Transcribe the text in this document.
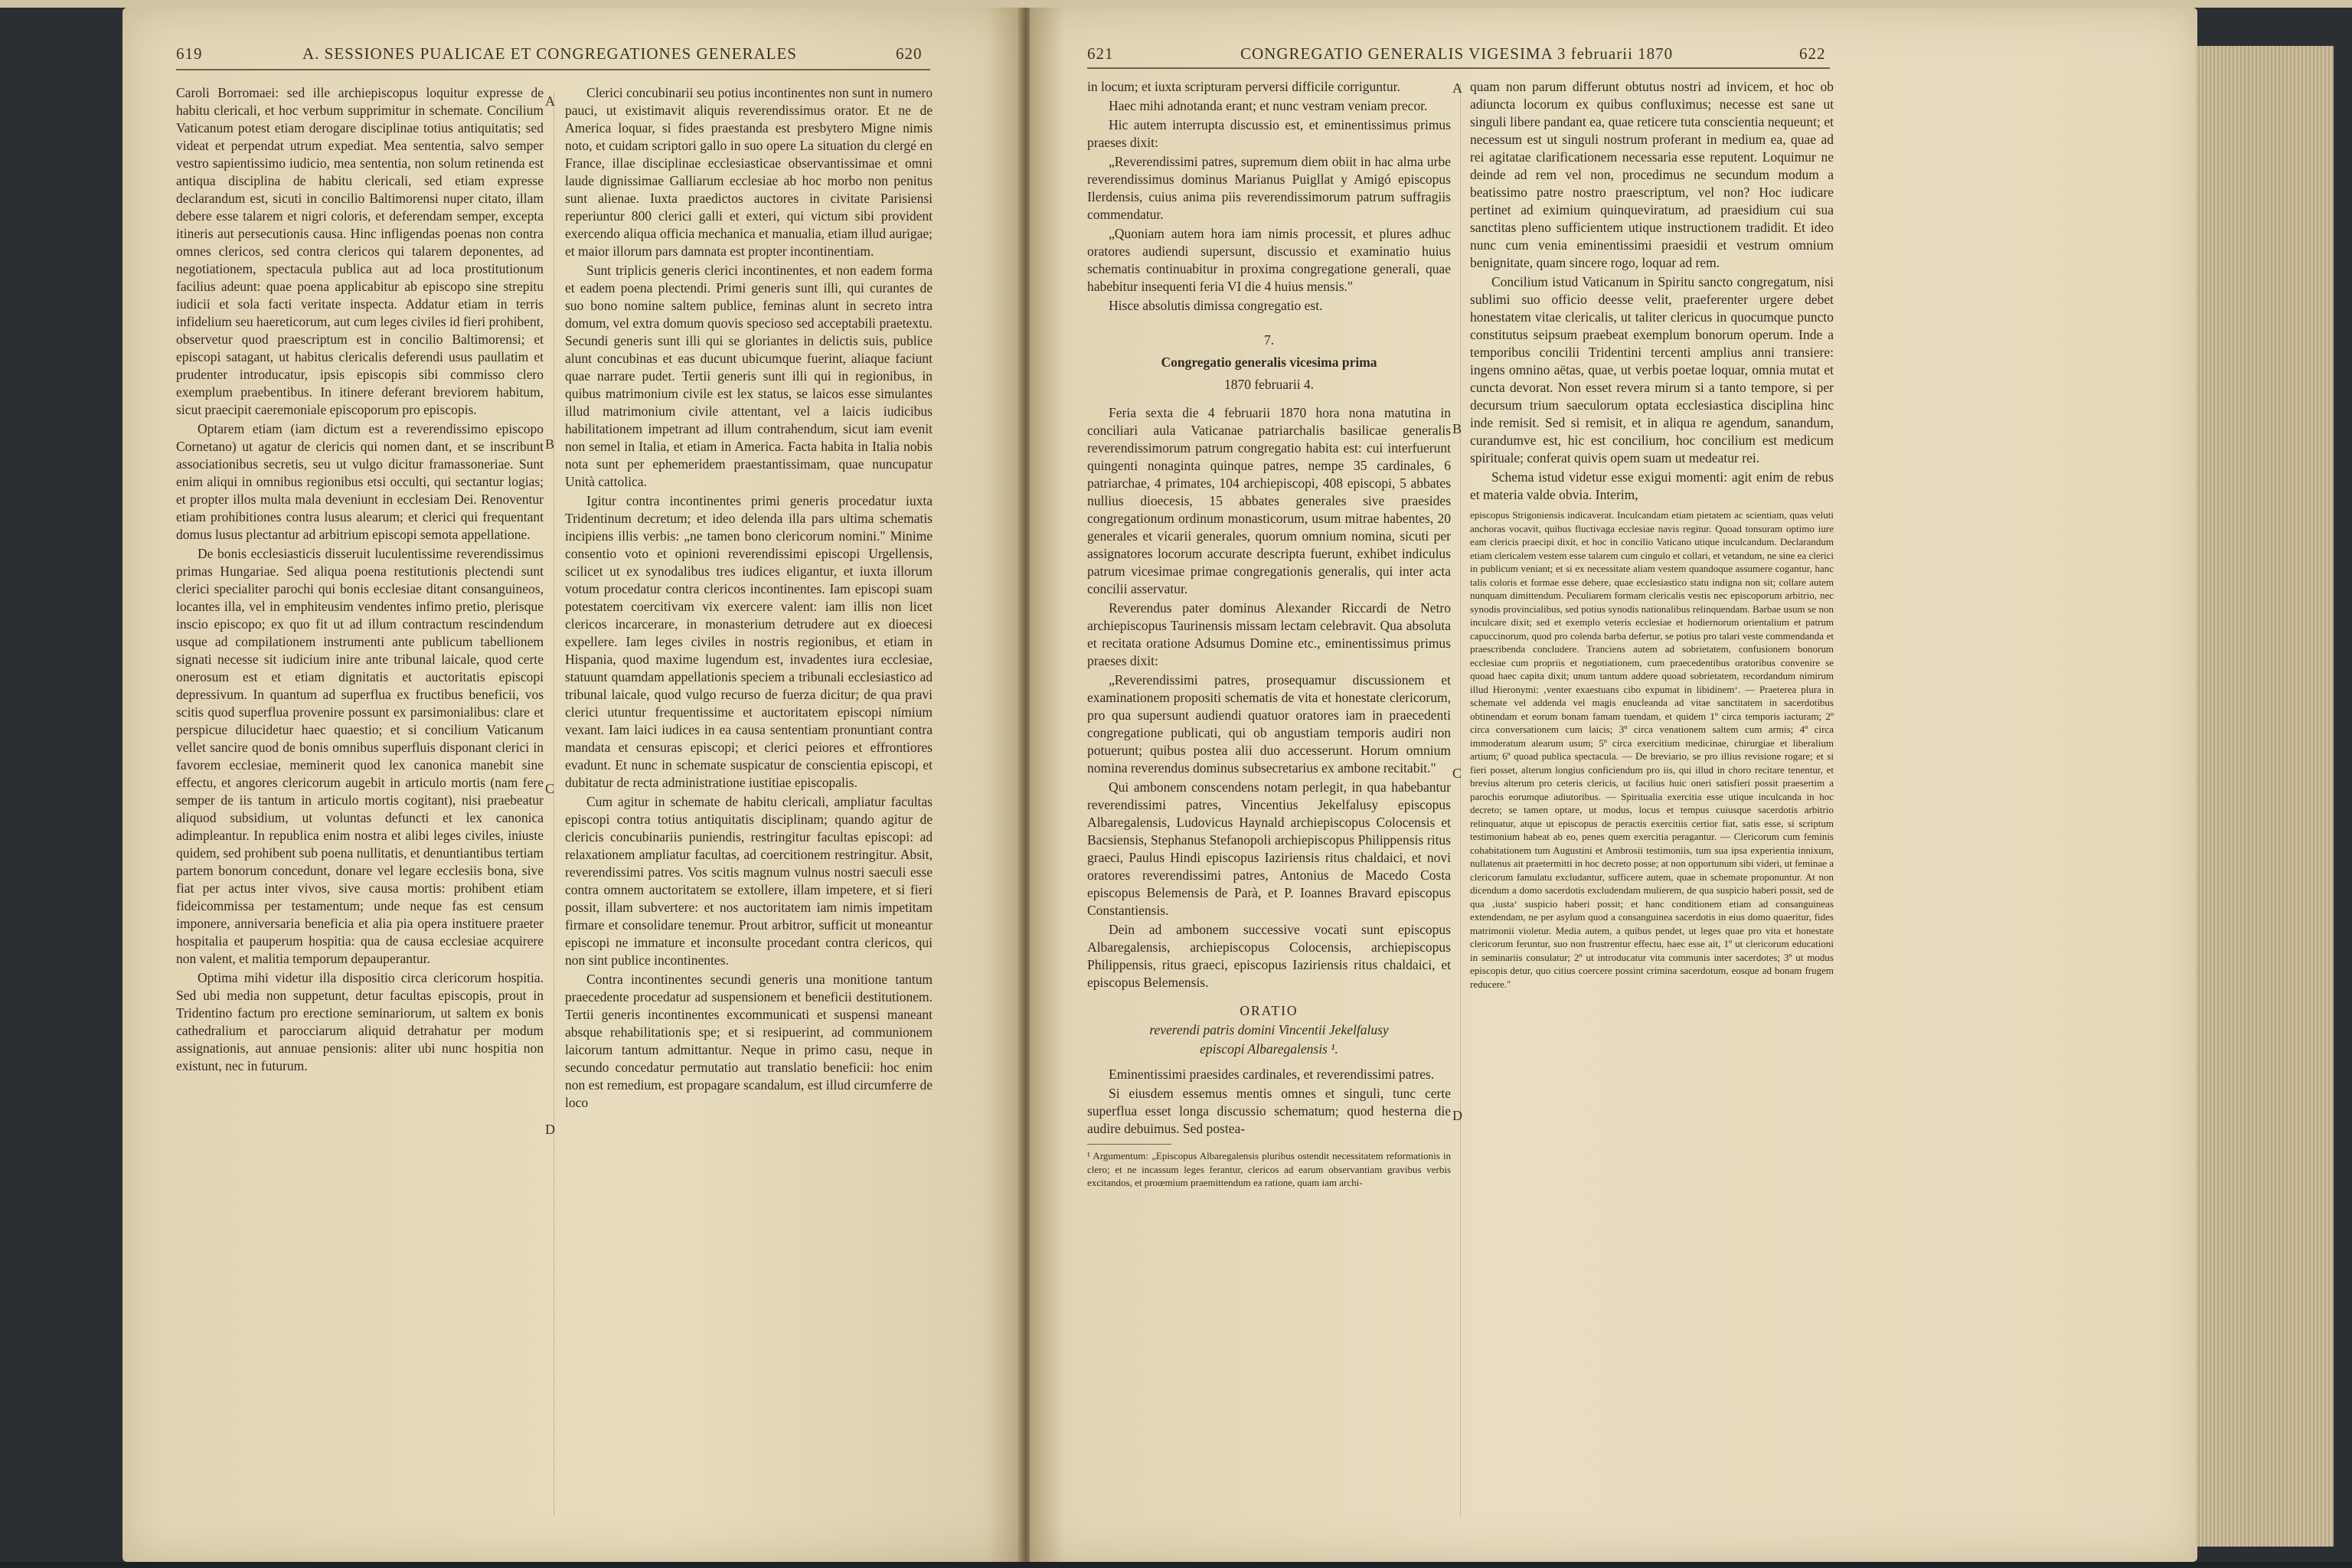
619	A. SESSIONES PUALICAE ET CONGREGATIONES GENERALES	620

Caroli Borromaei: sed ille archiepiscopus loquitur expresse de habitu clericali, et hoc verbum supprimitur in schemate. Concilium Vaticanum potest etiam derogare disciplinae totius antiquitatis; sed videat et perpendat utrum expediat. Mea sententia, salvo semper vestro sapientissimo iudicio, mea sententia, non solum retinenda est antiqua disciplina de habitu clericali, sed etiam expresse declarandum est, sicuti in concilio Baltimorensi nuper citato, illam debere esse talarem et nigri coloris, et deferendam semper, excepta itineris aut persecutionis causa. Hinc infligendas poenas non contra omnes clericos, sed contra clericos qui talarem deponentes, ad negotiationem, spectacula publica aut ad loca prostitutionum facilius adeunt: quae poena applicabitur ab episcopo sine strepitu iudicii et sola facti veritate inspecta. Addatur etiam in terris infidelium seu haereticorum, aut cum leges civiles id fieri prohibent, observetur quod praescriptum est in concilio Baltimorensi; et episcopi satagant, ut habitus clericalis deferendi usus paullatim et prudenter introducatur, ipsis episcopis sibi commisso clero exemplum praebentibus. In itinere deferant breviorem habitum, sicut praecipit caeremoniale episcoporum pro episcopis.

Optarem etiam (iam dictum est a reverendissimo episcopo Cornetano) ut agatur de clericis qui nomen dant, et se inscribunt associationibus secretis, seu ut vulgo dicitur framassoneriae. Sunt enim aliqui in omnibus regionibus etsi occulti, qui sectantur logias; et propter illos multa mala deveniunt in ecclesiam Dei. Renoventur etiam prohibitiones contra lusus alearum; et clerici qui frequentant domus lusus plectantur ad arbitrium episcopi semota appellatione.

De bonis ecclesiasticis disseruit luculentissime reverendissimus primas Hungariae. Sed aliqua poena restitutionis plectendi sunt clerici specialiter parochi qui bonis ecclesiae ditant consanguineos, locantes illa, vel in emphiteusim vendentes infimo pretio, plerisque inscio episcopo; ex quo fit ut ad illum contractum rescindendum usque ad compilationem instrumenti ante publicum tabellionem signati necesse sit iudicium inire ante tribunal laicale, quod certe onerosum est et etiam dignitatis et auctoritatis episcopi depressivum. In quantum ad superflua ex fructibus beneficii, vos scitis quod superflua provenire possunt ex parsimonialibus: clare et perspicue dilucidetur haec quaestio; et si concilium Vaticanum vellet sancire quod de bonis omnibus superfluis disponant clerici in favorem ecclesiae, meminerit quod lex canonica manebit sine effectu, et angores clericorum augebit in articulo mortis (nam fere semper de iis tantum in articulo mortis cogitant), nisi praebeatur aliquod subsidium, ut voluntas defuncti et lex canonica adimpleantur. In republica enim nostra et alibi leges civiles, iniuste quidem, sed prohibent sub poena nullitatis, et denuntiantibus tertiam partem bonorum concedunt, donare vel legare ecclesiis bona, sive fiat per actus inter vivos, sive causa mortis: prohibent etiam fideicommissa per testamentum; unde neque fas est censum imponere, anniversaria beneficia et alia pia opera instituere praeter hospitalia et pauperum hospitia: qua de causa ecclesiae acquirere non valent, et malitia temporum depauperantur.

Optima mihi videtur illa dispositio circa clericorum hospitia. Sed ubi media non suppetunt, detur facultas episcopis, prout in Tridentino factum pro erectione seminariorum, ut saltem ex bonis cathedralium et parocciarum aliquid detrahatur per modum assignationis, aut annuae pensionis: aliter ubi nunc hospitia non existunt, nec in futurum.

Clerici concubinarii seu potius incontinentes non sunt in numero pauci, ut existimavit aliquis reverendissimus orator. Et ne de America loquar, si fides praestanda est presbytero Migne nimis noto, et cuidam scriptori gallo in suo opere La situation du clergé en France, illae disciplinae ecclesiasticae observantissimae et omni laude dignissimae Galliarum ecclesiae ab hoc morbo non penitus sunt alienae. Iuxta praedictos auctores in civitate Parisiensi reperiuntur 800 clerici galli et exteri, qui victum sibi provident exercendo aliqua officia mechanica et manualia, etiam illud aurigae; et maior illorum pars damnata est propter incontinentiam.

Sunt triplicis generis clerici incontinentes, et non eadem forma et eadem poena plectendi. Primi generis sunt illi, qui curantes de suo bono nomine saltem publice, feminas alunt in secreto intra domum, vel extra domum quovis specioso sed acceptabili praetextu. Secundi generis sunt illi qui se gloriantes in delictis suis, publice alunt concubinas et eas ducunt ubicumque fuerint, aliaque faciunt quae narrare pudet. Tertii generis sunt illi qui in regionibus, in quibus matrimonium civile est lex status, se laicos esse simulantes illud matrimonium civile attentant, vel a laicis iudicibus habilitationem impetrant ad illum contrahendum, sicut iam evenit non semel in Italia, et etiam in America. Facta habita in Italia nobis nota sunt per ephemeridem praestantissimam, quae nuncupatur Unità cattolica.

Igitur contra incontinentes primi generis procedatur iuxta Tridentinum decretum; et ideo delenda illa pars ultima schematis incipiens illis verbis: „ne tamen bono clericorum nomini." Minime consentio voto et opinioni reverendissimi episcopi Urgellensis, scilicet ut ex synodalibus tres iudices eligantur, et iuxta illorum votum procedatur contra clericos incontinentes. Iam episcopi suam potestatem coercitivam vix exercere valent: iam illis non licet clericos incarcerare, in monasterium detrudere aut ex dioecesi expellere. Iam leges civiles in nostris regionibus, et etiam in Hispania, quod maxime lugendum est, invadentes iura ecclesiae, statuunt quamdam appellationis speciem a tribunali ecclesiastico ad tribunal laicale, quod vulgo recurso de fuerza dicitur; de qua pravi clerici utuntur frequentissime et auctoritatem episcopi nimium vexant. Iam laici iudices in ea causa sententiam pronuntiant contra mandata et censuras episcopi; et clerici peiores et effrontiores evadunt. Et nunc in schemate suspicatur de conscientia episcopi, et dubitatur de recta administratione iustitiae episcopalis.

Cum agitur in schemate de habitu clericali, ampliatur facultas episcopi contra totius antiquitatis disciplinam; quando agitur de clericis concubinariis puniendis, restringitur facultas episcopi: ad relaxationem ampliatur facultas, ad coercitionem restringitur. Absit, reverendissimi patres. Vos scitis magnum vulnus nostri saeculi esse contra omnem auctoritatem se extollere, illam impetere, et si fieri possit, illam subvertere: et nos auctoritatem iam nimis impetitam firmare et consolidare tenemur. Prout arbitror, sufficit ut moneantur episcopi ne immature et inconsulte procedant contra clericos, qui non sint publice incontinentes.

Contra incontinentes secundi generis una monitione tantum praecedente procedatur ad suspensionem et beneficii destitutionem. Tertii generis incontinentes excommunicati et suspensi maneant absque rehabilitationis spe; et si resipuerint, ad communionem laicorum tantum admittantur. Neque in primo casu, neque in secundo concedatur permutatio aut translatio beneficii: hoc enim non est remedium, est propagare scandalum, est illud circumferre de loco

A
B
C
D
621	CONGREGATIO GENERALIS VIGESIMA 3 februarii 1870	622

in locum; et iuxta scripturam perversi difficile corriguntur.

Haec mihi adnotanda erant; et nunc vestram veniam precor.

Hic autem interrupta discussio est, et eminentissimus primus praeses dixit:

„Reverendissimi patres, supremum diem obiit in hac alma urbe reverendissimus dominus Marianus Puigllat y Amigó episcopus Ilerdensis, cuius anima piis reverendissimorum patrum suffragiis commendatur.

„Quoniam autem hora iam nimis processit, et plures adhuc oratores audiendi supersunt, discussio et examinatio huius schematis continuabitur in proxima congregatione generali, quae habebitur insequenti feria VI die 4 huius mensis."

Hisce absolutis dimissa congregatio est.

7.

Congregatio generalis vicesima prima

1870 februarii 4.

Feria sexta die 4 februarii 1870 hora nona matutina in conciliari aula Vaticanae patriarchalis basilicae generalis reverendissimorum patrum congregatio habita est: cui interfuerunt quingenti nonaginta quinque patres, nempe 35 cardinales, 6 patriarchae, 4 primates, 104 archiepiscopi, 408 episcopi, 5 abbates nullius dioecesis, 15 abbates generales sive praesides congregationum ordinum monasticorum, usum mitrae habentes, 20 generales et vicarii generales, quorum omnium nomina, sicuti per assignatores locorum accurate descripta fuerunt, exhibet indiculus patrum vicesimae primae congregationis generalis, qui inter acta concilii asservatur.

Reverendus pater dominus Alexander Riccardi de Netro archiepiscopus Taurinensis missam lectam celebravit. Qua absoluta et recitata oratione Adsumus Domine etc., eminentissimus primus praeses dixit:

„Reverendissimi patres, prosequamur discussionem et examinationem propositi schematis de vita et honestate clericorum, pro qua supersunt audiendi quatuor oratores iam in praecedenti congregatione publicati, qui ob angustiam temporis audiri non potuerunt; quibus postea alii duo accesserunt. Horum omnium nomina reverendus dominus subsecretarius ex ambone recitabit."

Qui ambonem conscendens notam perlegit, in qua habebantur reverendissimi patres, Vincentius Jekelfalusy episcopus Albaregalensis, Ludovicus Haynald archiepiscopus Colocensis et Bacsiensis, Stephanus Stefanopoli archiepiscopus Philippensis ritus graeci, Paulus Hindi episcopus Iaziriensis ritus chaldaici, et novi oratores reverendissimi patres, Antonius de Macedo Costa episcopus Belemensis de Parà, et P. Ioannes Bravard episcopus Constantiensis.

Dein ad ambonem successive vocati sunt episcopus Albaregalensis, archiepiscopus Colocensis, archiepiscopus Philippensis, ritus graeci, episcopus Iaziriensis ritus chaldaici, et episcopus Belemensis.

ORATIO

reverendi patris domini Vincentii Jekelfalusy

episcopi Albaregalensis ¹.

Eminentissimi praesides cardinales, et reverendissimi patres.

Si eiusdem essemus mentis omnes et singuli, tunc certe superflua esset longa discussio schematum; quod hesterna die audire debuimus. Sed postea-

¹ Argumentum: „Episcopus Albaregalensis pluribus ostendit necessitatem reformationis in clero; et ne incassum leges ferantur, clericos ad earum observantiam gravibus verbis excitandos, et proœmium praemittendum ea ratione, quam iam archi-

quam non parum differunt obtutus nostri ad invicem, et hoc ob adiuncta locorum ex quibus confluximus; necesse est sane ut singuli libere pandant ea, quae reticere tuta conscientia nequeunt; et necessum est ut singuli nostrum proferant in medium ea, quae ad rei agitatae clarificationem necessaria esse reputent. Loquimur ne deinde ad rem vel non, procedimus ne secundum modum a beatissimo patre nostro praescriptum, vel non? Hoc iudicare pertinet ad eximium quinqueviratum, ad praesidium cui sua sanctitas pleno sufficientem utique instructionem tradidit. Et ideo nunc cum venia eminentissimi praesidii et vestrum omnium benignitate, quam sincere rogo, loquar ad rem.

Concilium istud Vaticanum in Spiritu sancto congregatum, nisi sublimi suo officio deesse velit, praeferenter urgere debet honestatem vitae clericalis, ut taliter clericus in quocumque puncto constitutus seipsum praebeat exemplum bonorum operum. Inde a temporibus concilii Tridentini tercenti amplius anni transiere: ingens omnino aëtas, quae, ut verbis poetae loquar, omnia mutat et cuncta devorat. Non esset revera mirum si a tanto tempore, si per decursum trium saeculorum optata ecclesiastica disciplina hinc inde remisit. Sed si remisit, et in aliqua re agendum, sanandum, curandumve est, hic est concilium, hoc concilium est medicum spirituale; conferat quivis opem suam ut medeatur rei.

Schema istud videtur esse exigui momenti: agit enim de rebus et materia valde obvia. Interim,

episcopus Strigoniensis indicaverat. Inculcandam etiam pietatem ac scientiam, quas veluti anchoras vocavit, quibus fluctivaga ecclesiae navis regitur. Quoad tonsuram optimo iure eam clericis praecipi dixit, et hoc in concilio Vaticano utique inculcandum. Declarandum etiam clericalem vestem esse talarem cum cingulo et collari, et vetandum, ne sine ea clerici in publicum veniant; et si ex necessitate aliam vestem quandoque assumere cogantur, hanc talis coloris et formae esse debere, quae ecclesiastico statu indigna non sit; collare autem nunquam dimittendum. Peculiarem formam clericalis vestis nec episcoporum arbitrio, nec synodis provincialibus, sed potius synodis nationalibus relinquendam. Barbae usum se non inculcare dixit; sed et exemplo veteris ecclesiae et hodiernorum orientalium et patrum capuccinorum, quod pro colenda barba defertur, se potius pro talari veste commendanda et praescribenda concludere. Tranciens autem ad sobrietatem, confusionem bonorum ecclesiae cum propriis et negotiationem, cum praecedentibus oratoribus convenire se quoad haec capita dixit; unum tantum addere quoad sobrietatem, recordandum nimirum illud Hieronymi: ‚venter exaestuans cibo expumat in libidinem‘. — Praeterea plura in schemate vel addenda vel magis enucleanda ad vitae sanctitatem in sacerdotibus obtinendam et eorum bonam famam tuendam, et quidem 1º circa temporis iacturam; 2º circa conversationem cum laicis; 3º circa venationem saltem cum armis; 4º circa immoderatum alearum usum; 5º circa exercitium medicinae, chirurgiae et liberalium artium; 6º quoad publica spectacula. — De breviario, se pro illius revisione rogare; et si fieri posset, alterum longius conficiendum pro iis, qui illud in choro recitare tenentur, et brevius alterum pro ceteris clericis, ut facilius huic oneri satisfieri possit praesertim a parochis eorumque adiutoribus. — Spiritualia exercitia esse utique inculcanda in hoc decreto; se tamen optare, ut modus, locus et tempus cuiusque sacerdotis arbitrio relinquatur, atque ut episcopus de peractis exercitiis certior fiat, satis esse, si scriptum testimonium habeat ab eo, penes quem exercitia peragantur. — Clericorum cum feminis cohabitationem tum Augustini et Ambrosii testimoniis, tum sua ipsa experientia innixum, nullatenus ait praetermitti in hoc decreto posse; at non opportunum sibi videri, ut feminae a clericorum famulatu excludantur, sufficere autem, quae in schemate proponuntur. At non dicendum a domo sacerdotis excludendam mulierem, de qua suspicio haberi possit, sed de qua ‚iusta‘ suspicio haberi possit; et hanc conditionem etiam ad consanguineas extendendam, ne per asylum quod a consanguinea sacerdotis in eius domo quaeritur, fides matrimonii violetur. Media autem, a quibus pendet, ut leges quae pro vita et honestate clericorum feruntur, suo non frustrentur effectu, haec esse ait, 1º ut clericorum educationi in seminariis consulatur; 2º ut introducatur vita communis inter sacerdotes; 3º ut modus episcopis detur, quo citius coercere possint crimina sacerdotum, eosque ad bonam frugem reducere."
A
B
C
D
